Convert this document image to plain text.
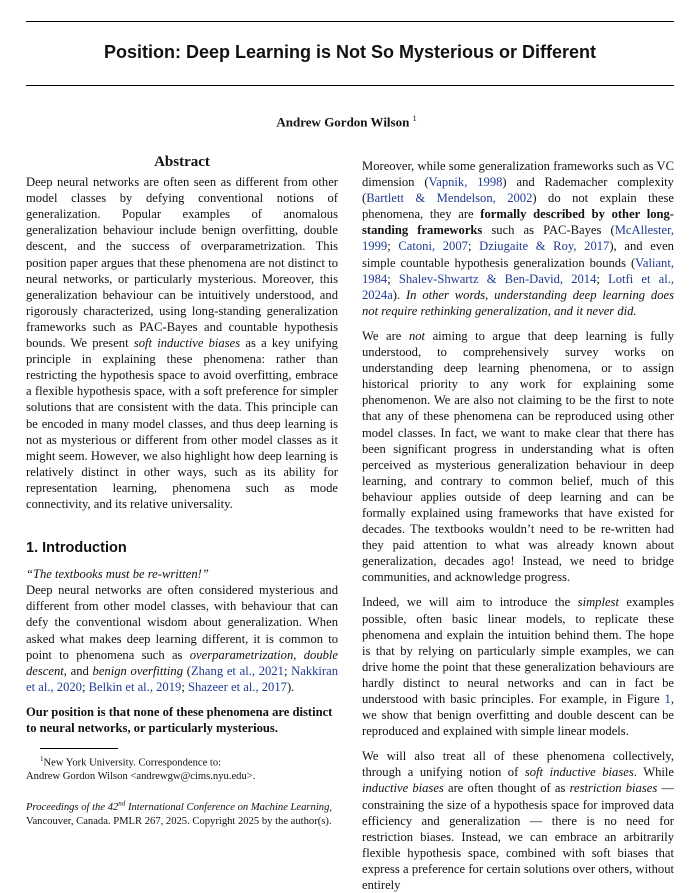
Position: Deep Learning is Not So Mysterious or Different
Andrew Gordon Wilson $^1$
Abstract

Deep neural networks are often seen as different from other model classes by defying conventional notions of generalization. Popular examples of anomalous generalization behaviour include benign overfitting, double descent, and the success of overparametrization. This position paper argues that these phenomena are not distinct to neural networks, or particularly mysterious. Moreover, this generalization behaviour can be intuitively understood, and rigorously characterized, using long-standing generalization frameworks such as PAC-Bayes and countable hypothesis bounds. We present soft inductive biases as a key unifying principle in explaining these phenomena: rather than restricting the hypothesis space to avoid overfitting, embrace a flexible hypothesis space, with a soft preference for simpler solutions that are consistent with the data. This principle can be encoded in many model classes, and thus deep learning is not as mysterious or different from other model classes as it might seem. However, we also highlight how deep learning is relatively distinct in other ways, such as its ability for representation learning, phenomena such as mode connectivity, and its relative universality.

1. Introduction

“The textbooks must be re-written!”

Deep neural networks are often considered mysterious and different from other model classes, with behaviour that can defy the conventional wisdom about generalization. When asked what makes deep learning different, it is common to point to phenomena such as overparametrization, double descent, and benign overfitting (Zhang et al., 2021; Nakkiran et al., 2020; Belkin et al., 2019; Shazeer et al., 2017).

Our position is that none of these phenomena are distinct to neural networks, or particularly mysterious.

$^1$New York University. Correspondence to:
Andrew Gordon Wilson <andrewgw@cims.nyu.edu>.
Proceedings of the 42nd International Conference on Machine Learning, Vancouver, Canada. PMLR 267, 2025. Copyright 2025 by the author(s).

Moreover, while some generalization frameworks such as VC dimension (Vapnik, 1998) and Rademacher complexity (Bartlett & Mendelson, 2002) do not explain these phenomena, they are formally described by other long-standing frameworks such as PAC-Bayes (McAllester, 1999; Catoni, 2007; Dziugaite & Roy, 2017), and even simple countable hypothesis generalization bounds (Valiant, 1984; Shalev-Shwartz & Ben-David, 2014; Lotfi et al., 2024a). In other words, understanding deep learning does not require rethinking generalization, and it never did.

We are not aiming to argue that deep learning is fully understood, to comprehensively survey works on understanding deep learning phenomena, or to assign historical priority to any work for explaining some phenomenon. We are also not claiming to be the first to note that any of these phenomena can be reproduced using other model classes. In fact, we want to make clear that there has been significant progress in understanding what is often perceived as mysterious generalization behaviour in deep learning, and contrary to common belief, much of this behaviour applies outside of deep learning and can be formally explained using frameworks that have existed for decades. The textbooks wouldn’t need to be re-written had they paid attention to what was already known about generalization, decades ago! Instead, we need to bridge communities, and acknowledge progress.

Indeed, we will aim to introduce the simplest examples possible, often basic linear models, to replicate these phenomena and explain the intuition behind them. The hope is that by relying on particularly simple examples, we can drive home the point that these generalization behaviours are hardly distinct to neural networks and can in fact be understood with basic principles. For example, in Figure 1, we show that benign overfitting and double descent can be reproduced and explained with simple linear models.

We will also treat all of these phenomena collectively, through a unifying notion of soft inductive biases. While inductive biases are often thought of as restriction biases — constraining the size of a hypothesis space for improved data efficiency and generalization — there is no need for restriction biases. Instead, we can embrace an arbitrarily flexible hypothesis space, combined with soft biases that express a preference for certain solutions over others, without entirely
